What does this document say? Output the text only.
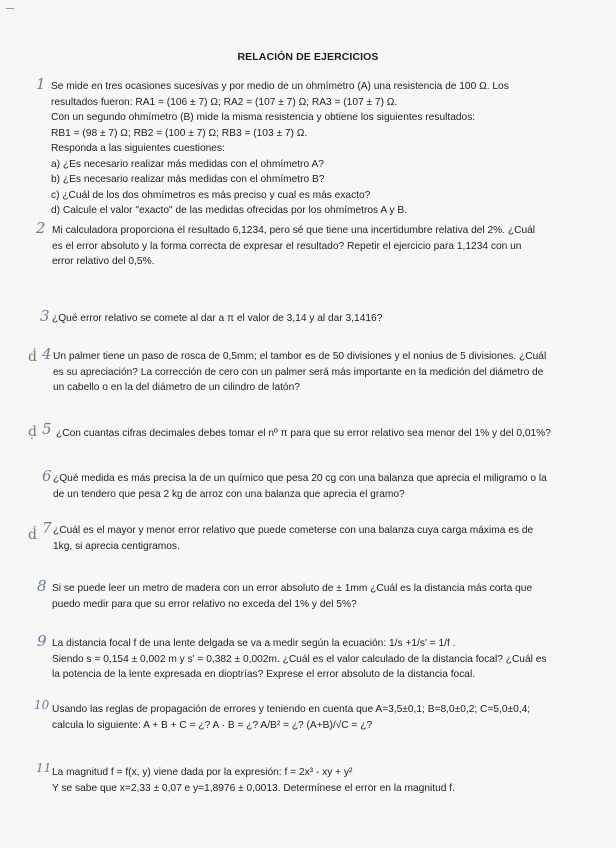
RELACIÓN DE EJERCICIOS
1 Se mide en tres ocasiones sucesivas y por medio de un ohmímetro (A) una resistencia de 100 Ω. Los

resultados fueron: RA1 = (106 ± 7) Ω; RA2 = (107 ± 7) Ω; RA3 = (107 ± 7) Ω.

Con un segundo ohmímetro (B) mide la misma resistencia y obtiene los siguientes resultados:

RB1 = (98 ± 7) Ω; RB2 = (100 ± 7) Ω; RB3 = (103 ± 7) Ω.

Responda a las siguientes cuestiones:

a) ¿Es necesario realizar más medidas con el ohmímetro A?

b) ¿Es necesario realizar más medidas con el ohmímetro B?

c) ¿Cuál de los dos ohmímetros es más preciso y cual es más exacto?

d) Calcule el valor "exacto" de las medidas ofrecidas por los ohmímetros A y B.

2 Mi calculadora proporciona el resultado 6,1234, pero sé que tiene una incertidumbre relativa del 2%. ¿Cuál

es el error absoluto y la forma correcta de expresar el resultado? Repetir el ejercicio para 1,1234 con un

error relativo del 0,5%.

3 ¿Qué error relativo se comete al dar a π el valor de 3,14 y al dar 3,1416?

ḋ 4 Un palmer tiene un paso de rosca de 0,5mm; el tambor es de 50 divisiones y el nonius de 5 divisiones. ¿Cuál

es su apreciación? La corrección de cero con un palmer será más importante en la medición del diámetro de

un cabello o en la del diámetro de un cilindro de latón?

ḍ 5 ¿Con cuantas cifras decimales debes tomar el nº π para que su error relativo sea menor del 1% y del 0,01%?

6 ¿Qué medida es más precisa la de un químico que pesa 20 cg con una balanza que aprecia el miligramo o la

de un tendero que pesa 2 kg de arroz con una balanza que aprecia el gramo?

ḋ 7 ¿Cuál es el mayor y menor error relativo que puede cometerse con una balanza cuya carga máxima es de

1kg, si aprecia centigramos.

8 Si se puede leer un metro de madera con un error absoluto de ± 1mm ¿Cuál es la distancia más corta que

puedo medir para que su error relativo no exceda del 1% y del 5%?

9 La distancia focal f de una lente delgada se va a medir según la ecuación: 1/s +1/s' = 1/f .

Siendo s = 0,154 ± 0,002 m y s' = 0,382 ± 0,002m. ¿Cuál es el valor calculado de la distancia focal? ¿Cuál es

la potencia de la lente expresada en dioptrías? Exprese el error absoluto de la distancia focal.

10 Usando las reglas de propagación de errores y teniendo en cuenta que A=3,5±0,1; B=8,0±0,2; C=5,0±0,4;

calcula lo siguiente: A + B + C = ¿? A · B = ¿? A/B² = ¿? (A+B)/√C = ¿?

11 La magnitud f = f(x, y) viene dada por la expresión: f = 2x³ - xy + y²

Y se sabe que x=2,33 ± 0,07 e y=1,8976 ± 0,0013. Determínese el error en la magnitud f.
